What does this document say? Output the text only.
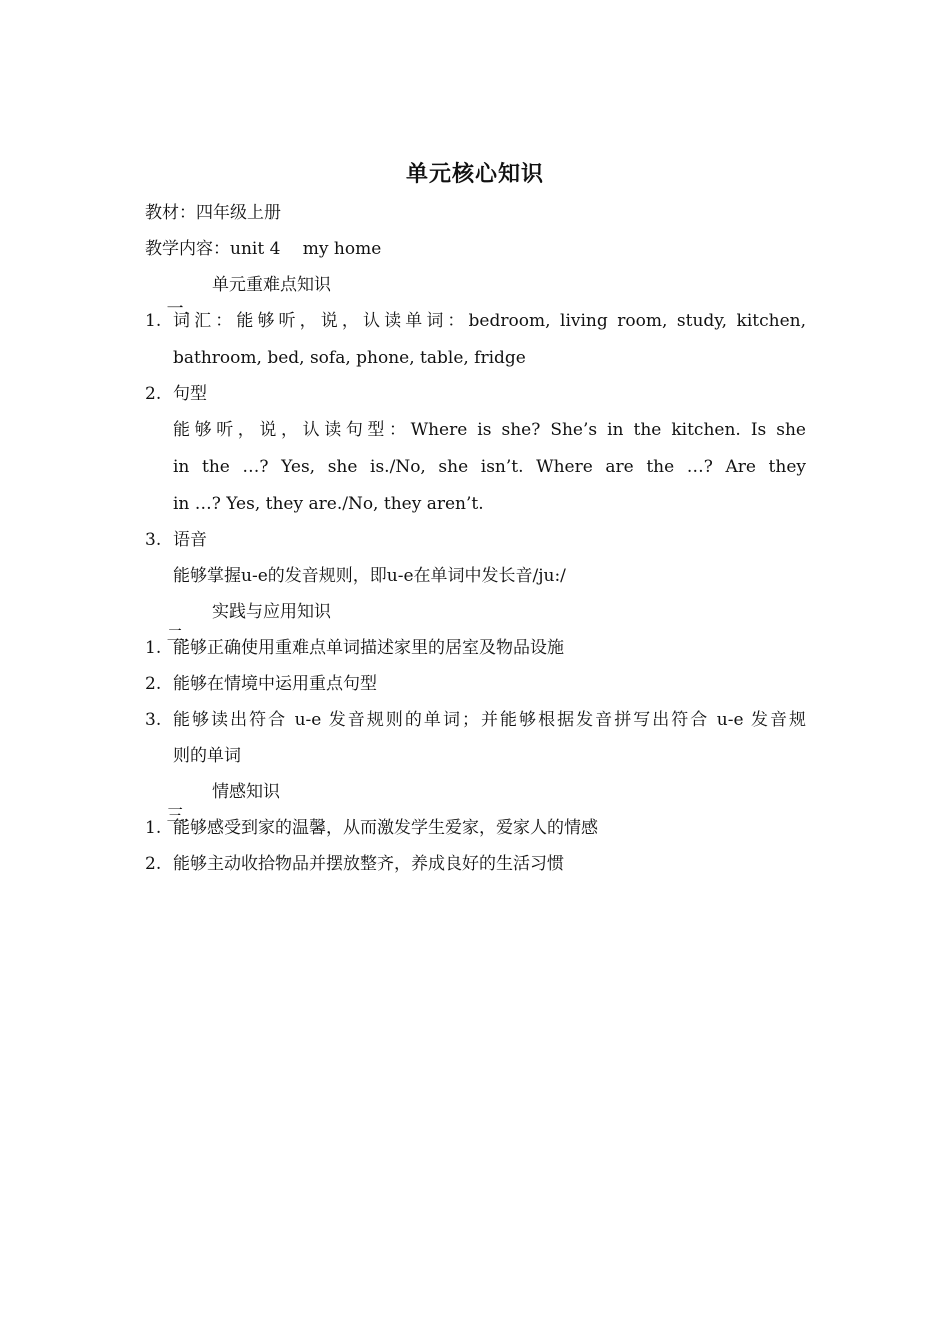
单元核心知识
教材：四年级上册
教学内容：unit 4　 my home

一.

单元重难点知识

1. 词汇：能够听，说，认读单词：bedroom, living room, study, kitchen,
bathroom, bed, sofa, phone, table, fridge
2. 句型
能够听，说，认读句型：Where is she? She’s in the kitchen. Is she
in the …? Yes, she is./No, she isn’t. Where are the …? Are they
in …? Yes, they are./No, they aren’t.
3. 语音
能够掌握u-e的发音规则，即u-e在单词中发长音/ju:/

二.

实践与应用知识

1. 能够正确使用重难点单词描述家里的居室及物品设施
2. 能够在情境中运用重点句型
3. 能够读出符合 u-e 发音规则的单词；并能够根据发音拼写出符合 u-e 发音规
则的单词

三.

情感知识

1. 能够感受到家的温馨，从而激发学生爱家，爱家人的情感
2. 能够主动收拾物品并摆放整齐，养成良好的生活习惯
